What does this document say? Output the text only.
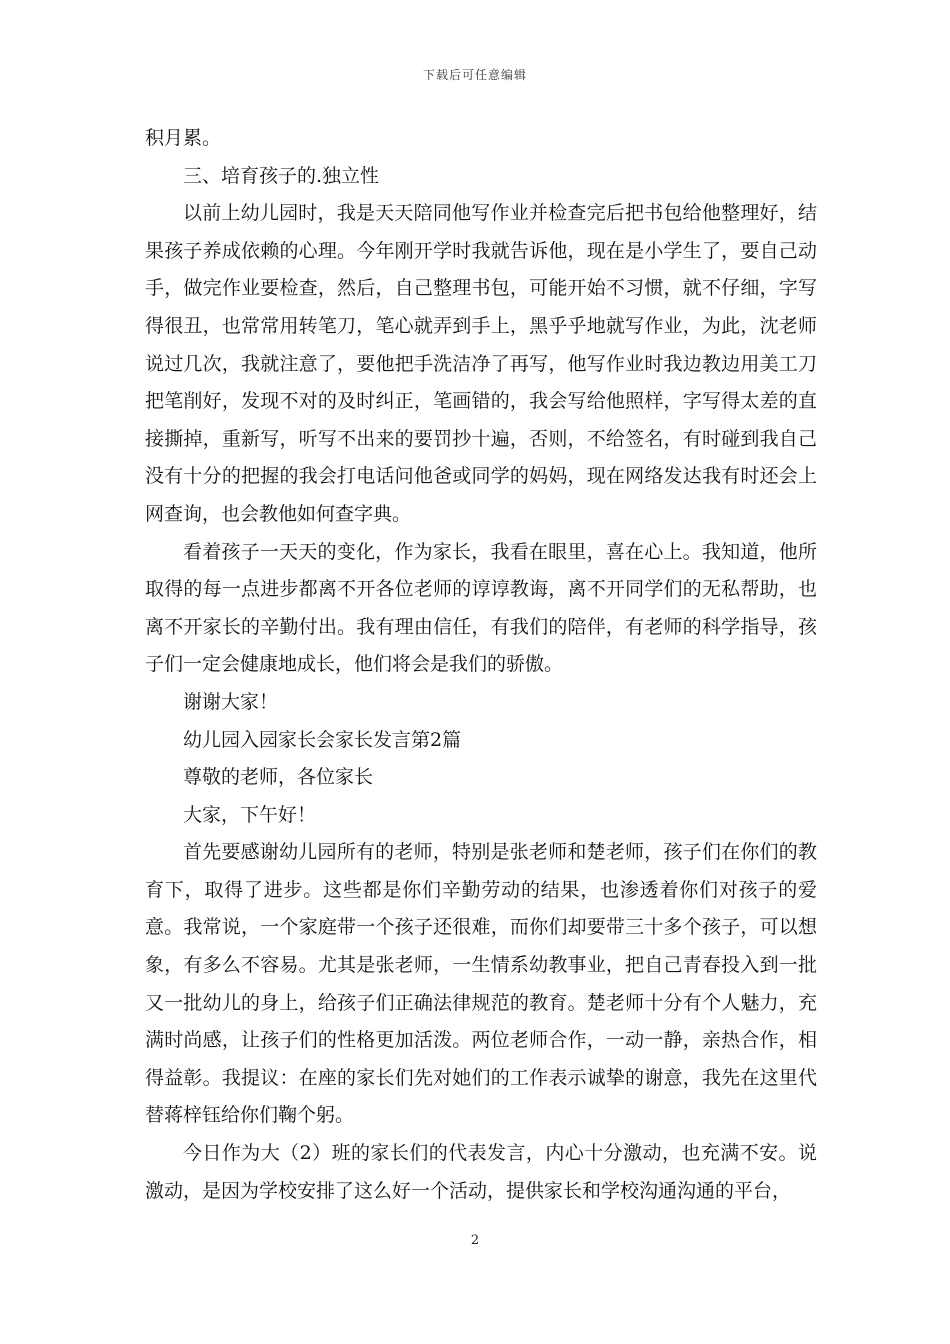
下载后可任意编辑

积月累。

三、培育孩子的.独立性

以前上幼儿园时，我是天天陪同他写作业并检查完后把书包给他整理好，结果孩子养成依赖的心理。今年刚开学时我就告诉他，现在是小学生了，要自己动手，做完作业要检查，然后，自己整理书包，可能开始不习惯，就不仔细，字写得很丑，也常常用转笔刀，笔心就弄到手上，黑乎乎地就写作业，为此，沈老师说过几次，我就注意了，要他把手洗洁净了再写，他写作业时我边教边用美工刀把笔削好，发现不对的及时纠正，笔画错的，我会写给他照样，字写得太差的直接撕掉，重新写，听写不出来的要罚抄十遍，否则，不给签名，有时碰到我自己没有十分的把握的我会打电话问他爸或同学的妈妈，现在网络发达我有时还会上网查询，也会教他如何查字典。

看着孩子一天天的变化，作为家长，我看在眼里，喜在心上。我知道，他所取得的每一点进步都离不开各位老师的谆谆教诲，离不开同学们的无私帮助，也离不开家长的辛勤付出。我有理由信任，有我们的陪伴，有老师的科学指导，孩子们一定会健康地成长，他们将会是我们的骄傲。

谢谢大家！

幼儿园入园家长会家长发言第2篇

尊敬的老师，各位家长

大家，下午好！

首先要感谢幼儿园所有的老师，特别是张老师和楚老师，孩子们在你们的教育下，取得了进步。这些都是你们辛勤劳动的结果，也渗透着你们对孩子的爱意。我常说，一个家庭带一个孩子还很难，而你们却要带三十多个孩子，可以想象，有多么不容易。尤其是张老师，一生情系幼教事业，把自己青春投入到一批又一批幼儿的身上，给孩子们正确法律规范的教育。楚老师十分有个人魅力，充满时尚感，让孩子们的性格更加活泼。两位老师合作，一动一静，亲热合作，相得益彰。我提议：在座的家长们先对她们的工作表示诚挚的谢意，我先在这里代替蒋梓钰给你们鞠个躬。

今日作为大（2）班的家长们的代表发言，内心十分激动，也充满不安。说激动，是因为学校安排了这么好一个活动，提供家长和学校沟通沟通的平台，

2
